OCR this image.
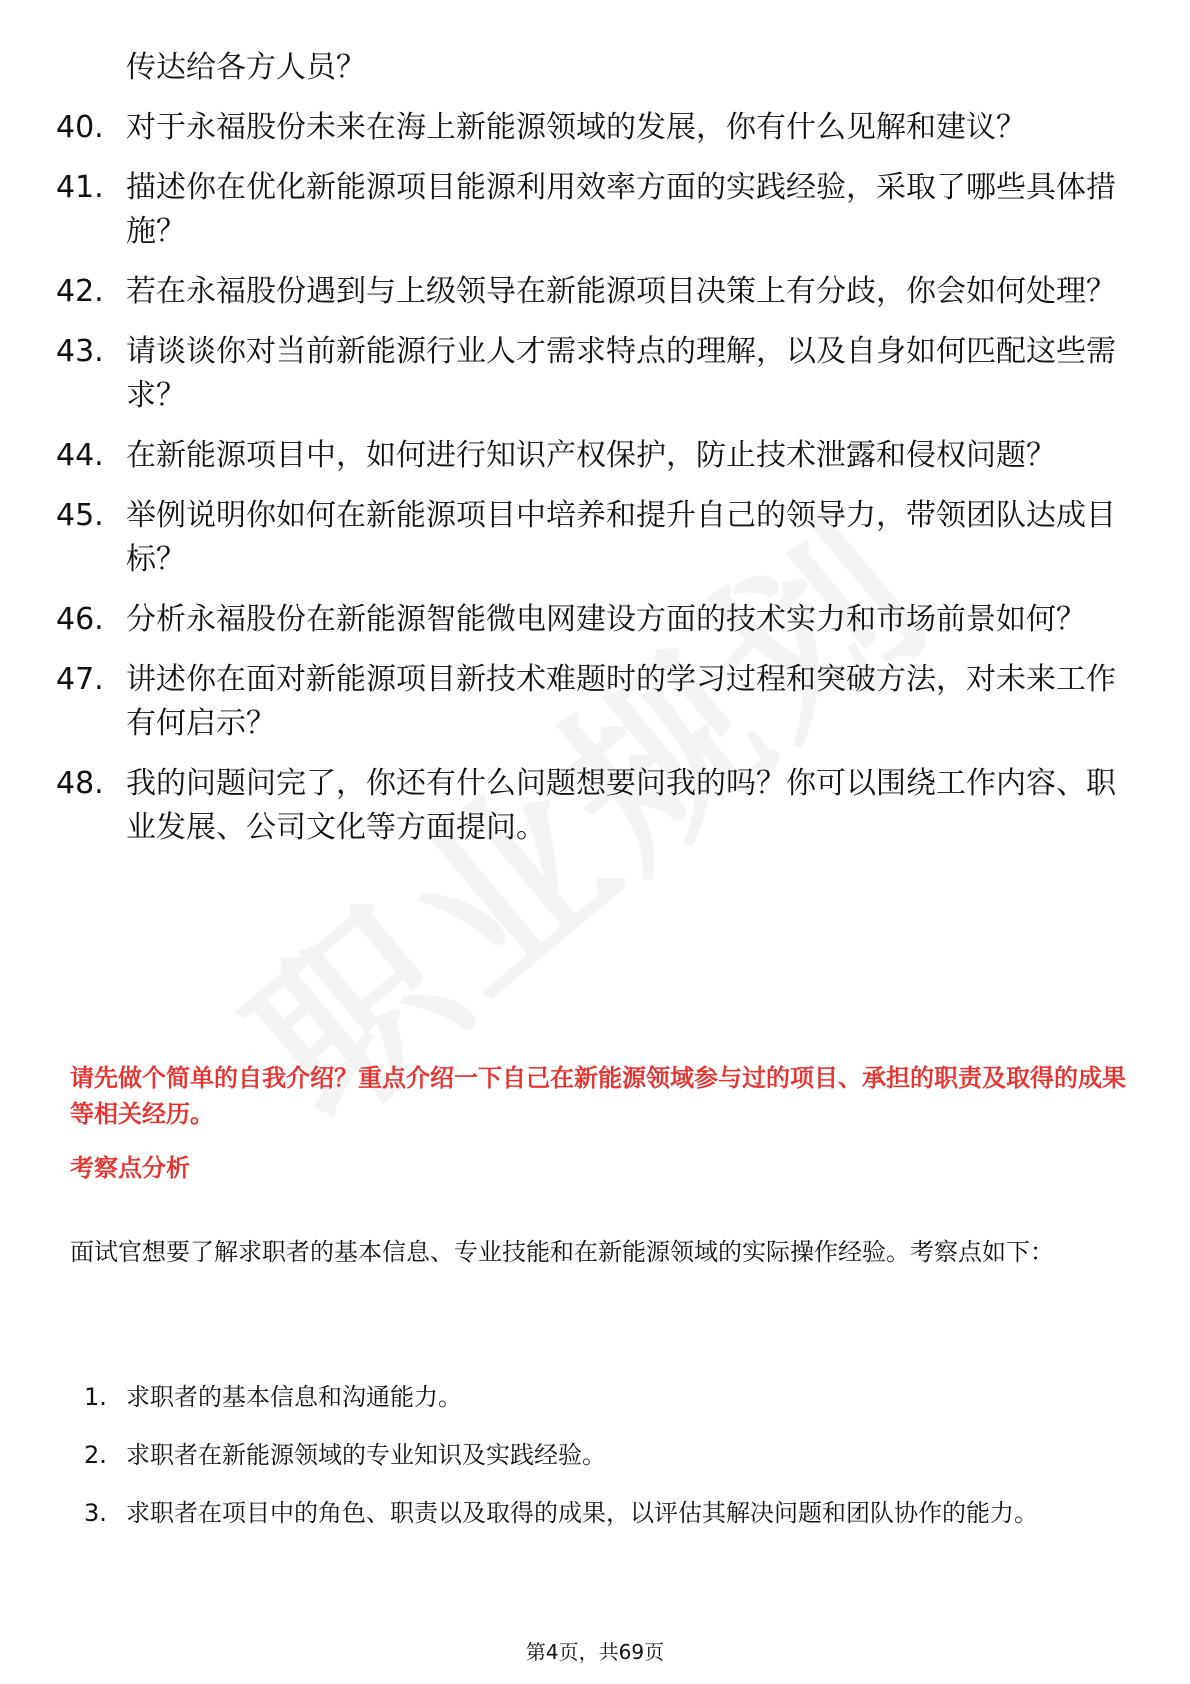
传达给各方人员？
40. 对于永福股份未来在海上新能源领域的发展，你有什么见解和建议？
41. 描述你在优化新能源项目能源利用效率方面的实践经验，采取了哪些具体措施？
42. 若在永福股份遇到与上级领导在新能源项目决策上有分歧，你会如何处理？
43. 请谈谈你对当前新能源行业人才需求特点的理解，以及自身如何匹配这些需求？
44. 在新能源项目中，如何进行知识产权保护，防止技术泄露和侵权问题？
45. 举例说明你如何在新能源项目中培养和提升自己的领导力，带领团队达成目标？
46. 分析永福股份在新能源智能微电网建设方面的技术实力和市场前景如何？
47. 讲述你在面对新能源项目新技术难题时的学习过程和突破方法，对未来工作有何启示？
48. 我的问题问完了，你还有什么问题想要问我的吗？你可以围绕工作内容、职业发展、公司文化等方面提问。
请先做个简单的自我介绍？重点介绍一下自己在新能源领域参与过的项目、承担的职责及取得的成果等相关经历。
考察点分析
面试官想要了解求职者的基本信息、专业技能和在新能源领域的实际操作经验。考察点如下：
1. 求职者的基本信息和沟通能力。
2. 求职者在新能源领域的专业知识及实践经验。
3. 求职者在项目中的角色、职责以及取得的成果，以评估其解决问题和团队协作的能力。
第4页，共69页
